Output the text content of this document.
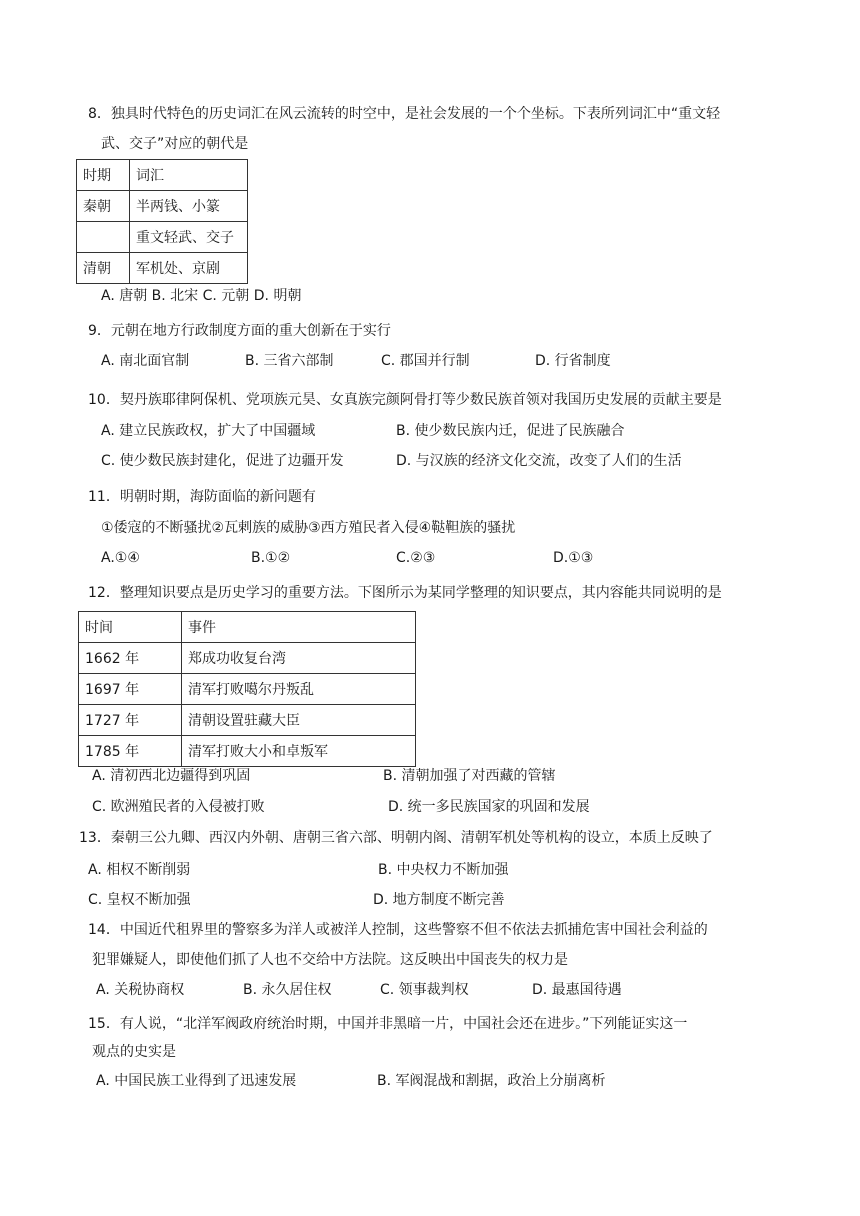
8．独具时代特色的历史词汇在风云流转的时空中，是社会发展的一个个坐标。下表所列词汇中“重文轻
武、交子”对应的朝代是
时期	词汇
秦朝	半两钱、小篆
	重文轻武、交子
清朝	军机处、京剧
A. 唐朝 B. 北宋 C. 元朝 D. 明朝
9．元朝在地方行政制度方面的重大创新在于实行
A. 南北面官制	B. 三省六部制	C. 郡国并行制	D. 行省制度
10．契丹族耶律阿保机、党项族元昊、女真族完颜阿骨打等少数民族首领对我国历史发展的贡献主要是
A. 建立民族政权，扩大了中国疆域	B. 使少数民族内迁，促进了民族融合
C. 使少数民族封建化，促进了边疆开发	D. 与汉族的经济文化交流，改变了人们的生活
11．明朝时期，海防面临的新问题有
①倭寇的不断骚扰②瓦剌族的威胁③西方殖民者入侵④鞑靼族的骚扰
A.①④	B.①②	C.②③	D.①③
12．整理知识要点是历史学习的重要方法。下图所示为某同学整理的知识要点，其内容能共同说明的是
时间	事件
1662 年	郑成功收复台湾
1697 年	清军打败噶尔丹叛乱
1727 年	清朝设置驻藏大臣
1785 年	清军打败大小和卓叛军
A. 清初西北边疆得到巩固	B. 清朝加强了对西藏的管辖
C. 欧洲殖民者的入侵被打败	D. 统一多民族国家的巩固和发展
13．秦朝三公九卿、西汉内外朝、唐朝三省六部、明朝内阁、清朝军机处等机构的设立，本质上反映了
A. 相权不断削弱	B. 中央权力不断加强
C. 皇权不断加强	D. 地方制度不断完善
14．中国近代租界里的警察多为洋人或被洋人控制，这些警察不但不依法去抓捕危害中国社会利益的
犯罪嫌疑人，即使他们抓了人也不交给中方法院。这反映出中国丧失的权力是
A. 关税协商权	B. 永久居住权	C. 领事裁判权	D. 最惠国待遇
15．有人说，“北洋军阀政府统治时期，中国并非黑暗一片，中国社会还在进步。”下列能证实这一
观点的史实是
A. 中国民族工业得到了迅速发展	B. 军阀混战和割据，政治上分崩离析
